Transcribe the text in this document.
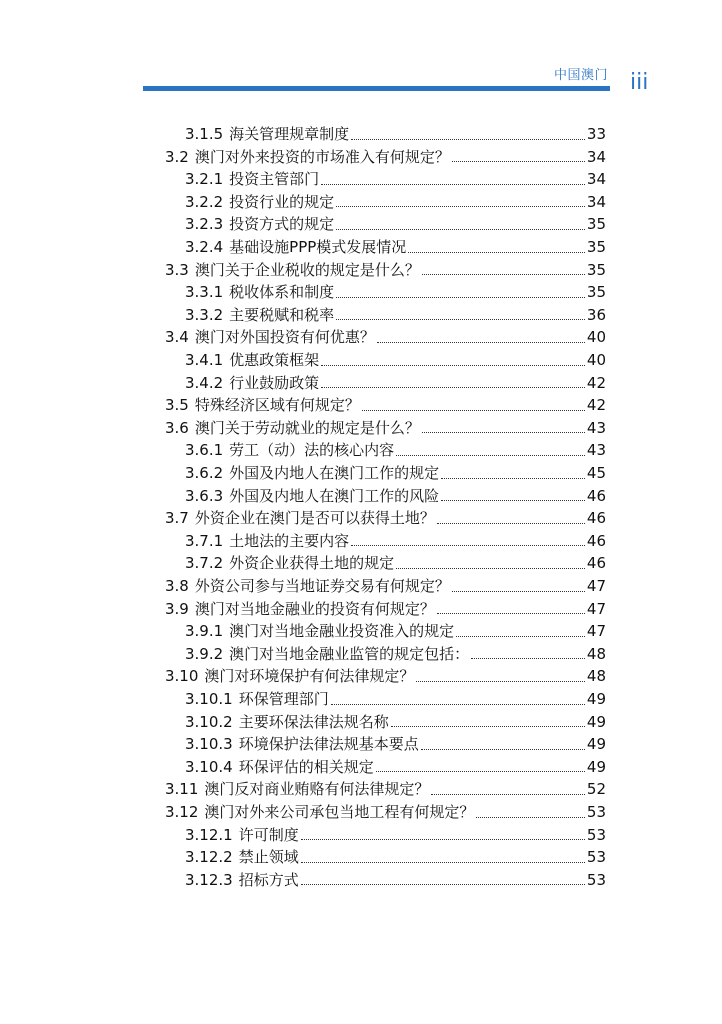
中国澳门 iii
3.1.5 海关管理规章制度	33
3.2 澳门对外来投资的市场准入有何规定？	34
3.2.1 投资主管部门	34
3.2.2 投资行业的规定	34
3.2.3 投资方式的规定	35
3.2.4 基础设施PPP模式发展情况	35
3.3 澳门关于企业税收的规定是什么？	35
3.3.1 税收体系和制度	35
3.3.2 主要税赋和税率	36
3.4 澳门对外国投资有何优惠？	40
3.4.1 优惠政策框架	40
3.4.2 行业鼓励政策	42
3.5 特殊经济区域有何规定？	42
3.6 澳门关于劳动就业的规定是什么？	43
3.6.1 劳工（动）法的核心内容	43
3.6.2 外国及内地人在澳门工作的规定	45
3.6.3 外国及内地人在澳门工作的风险	46
3.7 外资企业在澳门是否可以获得土地？	46
3.7.1 土地法的主要内容	46
3.7.2 外资企业获得土地的规定	46
3.8 外资公司参与当地证券交易有何规定？	47
3.9 澳门对当地金融业的投资有何规定？	47
3.9.1 澳门对当地金融业投资准入的规定	47
3.9.2 澳门对当地金融业监管的规定包括：	48
3.10 澳门对环境保护有何法律规定？	48
3.10.1 环保管理部门	49
3.10.2 主要环保法律法规名称	49
3.10.3 环境保护法律法规基本要点	49
3.10.4 环保评估的相关规定	49
3.11 澳门反对商业贿赂有何法律规定？	52
3.12 澳门对外来公司承包当地工程有何规定？	53
3.12.1 许可制度	53
3.12.2 禁止领域	53
3.12.3 招标方式	53
